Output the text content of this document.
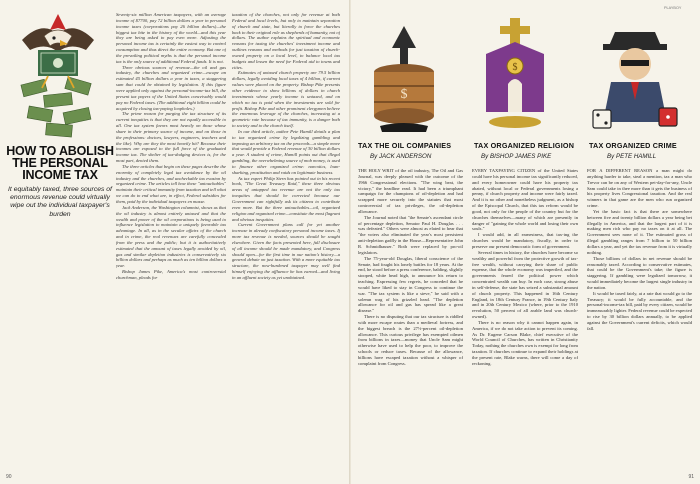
HOW TO ABOLISH THE PERSONAL INCOME TAX

It equitably taxed, three sources of enormous revenue could virtually wipe out the individual taxpayer's burden

Seventy-six million American taxpayers, with an average income of $7700, pay 72 billion dollars a year in personal income taxes (corporations pay 26 billion dollars)—the biggest tax bite in the history of the world—and this year they are being asked to pay even more. Adjusting the personal income tax is certainly the easiest way to control consumption and thus direct the entire economy. But one of the prevailing political myths is that the personal income tax is the only source of additional Federal funds. It is not.

Three obvious sources of revenue—the oil and gas industry, the churches and organized crime—escape an estimated 45 billion dollars a year in taxes, a staggering sum that could be obtained by legislation. If this figure were applied only against the personal-income-tax bill, the present tax payers of the United States conceivably would pay no Federal taxes. (The additional eight billion could be acquired by closing tax-paying loopholes.)

The prime reason for purging the tax structure of its current inequities is that they are not equally accessible to all. One tax system favors most heavily on those whose share in their primary source of income, and on those in the professions: doctors, lawyers, engineers, teachers and the like). Why are they the most heavily hit? Because their incomes are exposed to the full force of the graduated income tax. The shelter of tax-dodging devices is, for the most part, denied them.

The three articles that begin on these pages describe the enormity of completely legal tax avoidance by the oil industry and the churches, and uncheckable tax evasion by organized crime. The articles tell how these "untouchables" maintain their critical immunity from taxation and tell what we can do to end what are, in effect, Federal subsidies for them, paid by the individual taxpayers en masse.

Jack Anderson, the Washington columnist, shows us that the oil industry is almost entirely untaxed and that the wealth and power of the oil corporations is being used to influence legislation to maintain a uniquely favorable tax advantage. In all, as in the secular affairs of the church and in crime, the real revenues are carefully concealed from the press and the public; but it is authoritatively estimated that the amount of taxes legally avoided by oil, gas and similar depletion industries is conservatively six billion dollars and perhaps as much as ten billion dollars a year.

Bishop James Pike, America's most controversial churchman, pleads for

taxation of the churches, not only for revenue at both Federal and local levels, but only to maintain separation of church and state, but literally to force the churches back to their original role as shepherds of humanity, not of dollars. The author explains the spiritual and economic reasons for taxing the churches' investment income and outlines reasons and methods for just taxation of church-owned property on a local level, to balance local tax budgets and lessen the need for Federal aid to towns and cities.

Estimates of untaxed church property are 79.5 billion dollars, legally avoiding local taxes of 4 billion, if current values were placed on the property. Bishop Pike presents other evidence to show billions of dollars in church investments whose yearly income is untaxed, and on which no tax is paid when the investments are sold for profit. Bishop Pike and other prominent clergymen believe the enormous leverage of the churches, increasing at a geometric rate because of tax immunity, is a danger both to society and to the church itself.

In our third article, author Pete Hamill details a plan to tax organized crime by legalizing gambling and imposing an arbitrary tax on the proceeds—a simple move that would provide a Federal revenue of 30 billion dollars a year. A student of crime, Hamill points out that illegal gambling, the overwhelming source of mob money, is used to finance other organized crime: narcotics, loan-sharking, prostitution and raids on legitimate business.

As tax expert Philip Stern has pointed out in his recent book, "The Great Treasury Raid," these three obvious areas of untapped tax revenue are not the only tax inequities that should be corrected because our Government can rightfully ask its citizens to contribute even more. But the three untouchables—oil, organized religion and organized crime—constitute the most flagrant and obvious inequities.

Current Government plans call for yet another increase in already confiscatory personal income taxes. If more tax revenue is needed, sources should be sought elsewhere. Given the facts presented here, full disclosure of all income should be made mandatory, and Congress should open—for the first time in our nation's history—a general debate on just taxation. With a more equitable tax structure, the now-burdened taxpayer may well find himself enjoying the affluence he has earned—and living in an affluent society as yet unobtained.

PLAYBOY
$
$
TAX THE OIL COMPANIES
By JACK ANDERSON
TAX ORGANIZED RELIGION
By BISHOP JAMES PIKE
TAX ORGANIZED CRIME
By PETE HAMILL

THE HOLY WRIT of the oil industry, The Oil and Gas Journal, was deeply pleased with the outcome of the 1966 Congressional elections. "The wing beat, the victory," the headline read. It had been a triumphant campaign for the champions of oil-depletion and had scrapped more securely into the statutes that most controversial of tax privileges, the oil-depletion allowance.

The Journal noted that "the Senate's ascendant circle of percentage depletion, Senator Paul H. Douglas . . . was defeated." Others were almost as elated to hear that "the voters also eliminated the year's most persistent anti-depletion gadfly in the House—Representative John R. Schmidhauser." Both were replaced by pro-oil legislators.

The 75-year-old Douglas, liberal conscience of the Senate, had fought his lonely battles for 18 years. At the end, he stood before a press conference, balding, slightly stooped, white head high, to announce his return to teaching. Expressing few regrets, he conceded that he would have liked to stay in Congress to continue the war. "The tax system is like a sieve," he said with a solemn wag of his grizzled head. "The depletion allowance for oil and gas has spread like a great disease."

There is no disputing that our tax structure is riddled with more escape routes than a medieval fortress, and the biggest breach is the 27½-percent oil-depletion allowance. This curious privilege has exempted oilmen from billions in taxes—money that Uncle Sam might otherwise have used to help the poor, to improve the schools or reduce taxes. Because of the allowance, billions have escaped taxation without a whisper of complaint from Congress.

EVERY TAXPAYING CITIZEN of the United States could have his personal income tax significantly reduced, and every homeowner could have his property tax abated, without local or Federal governments losing a penny, if church property and income were fairly taxed. And it is no other and nonetheless judgment, as a bishop of the Episcopal Church, that this tax reform would be good, not only for the people of the country but for the churches themselves—many of which are presently in danger of "gaining the whole world and losing their own souls."

I would add, in all earnestness, that tax-ing the churches would be mandatory, fiscally, in order to preserve our present democratic form of government.

Several times in history, the churches have become so wealthy and powerful from the protective growth of tax-free wealth, without carrying their share of public expense, that the whole economy was imperiled, and the governments feared the political power which concentrated wealth can buy. In each case, strong abuse in self-defense, the state has seized a substantial amount of church property. This happened in 16th Century England, in 18th Century France, in 19th Century Italy and in 20th Century Mexico (where, prior to the 1910 revolution, 50 percent of all arable land was church-owned).

There is no reason why it cannot happen again, in America, if we do not take action to prevent its coming. As Dr. Eugene Carson Blake, chief executive of the World Council of Churches, has written in Christianity Today, nothing the churches own is exempt for long from taxation. If churches continue to expand their holdings at the present rate, Blake warns, there will come a day of reckoning.

FOR A DIFFERENT REASON a man might do anything harder to take, steal a mention, tax a man who Trevor can be on any of Western pet-day-for-any, Uncle Sam could take in thee more than it gets the business of his property lives Congressional taxation. And the real winners in that game are the men who run organized crime.

Yet the basic fact is that there are somewhere between five and twenty billion dollars a year being bet illegally in America, and that the largest part of it is making men rich who pay no taxes on it at all. The Government sees none of it. The estimated gross of illegal gambling ranges from 7 billion to 50 billion dollars a year, and yet the tax revenue from it is virtually nothing.

Those billions of dollars in net revenue should be reasonably taxed. According to conservative estimates, that could be the Government's take; the figure is staggering. If gambling were legalized tomorrow, it would immediately become the largest single industry in the nation.

It would be taxed fairly, at a rate that would go to the Treasury; it would be fully accountable, and the personal-income-tax bill, paid by every citizen, would be immeasurably lighter. Federal revenue could be expected to rise by 30 billion dollars annually, to be applied against the Government's current deficits, which would fall.

90	91
